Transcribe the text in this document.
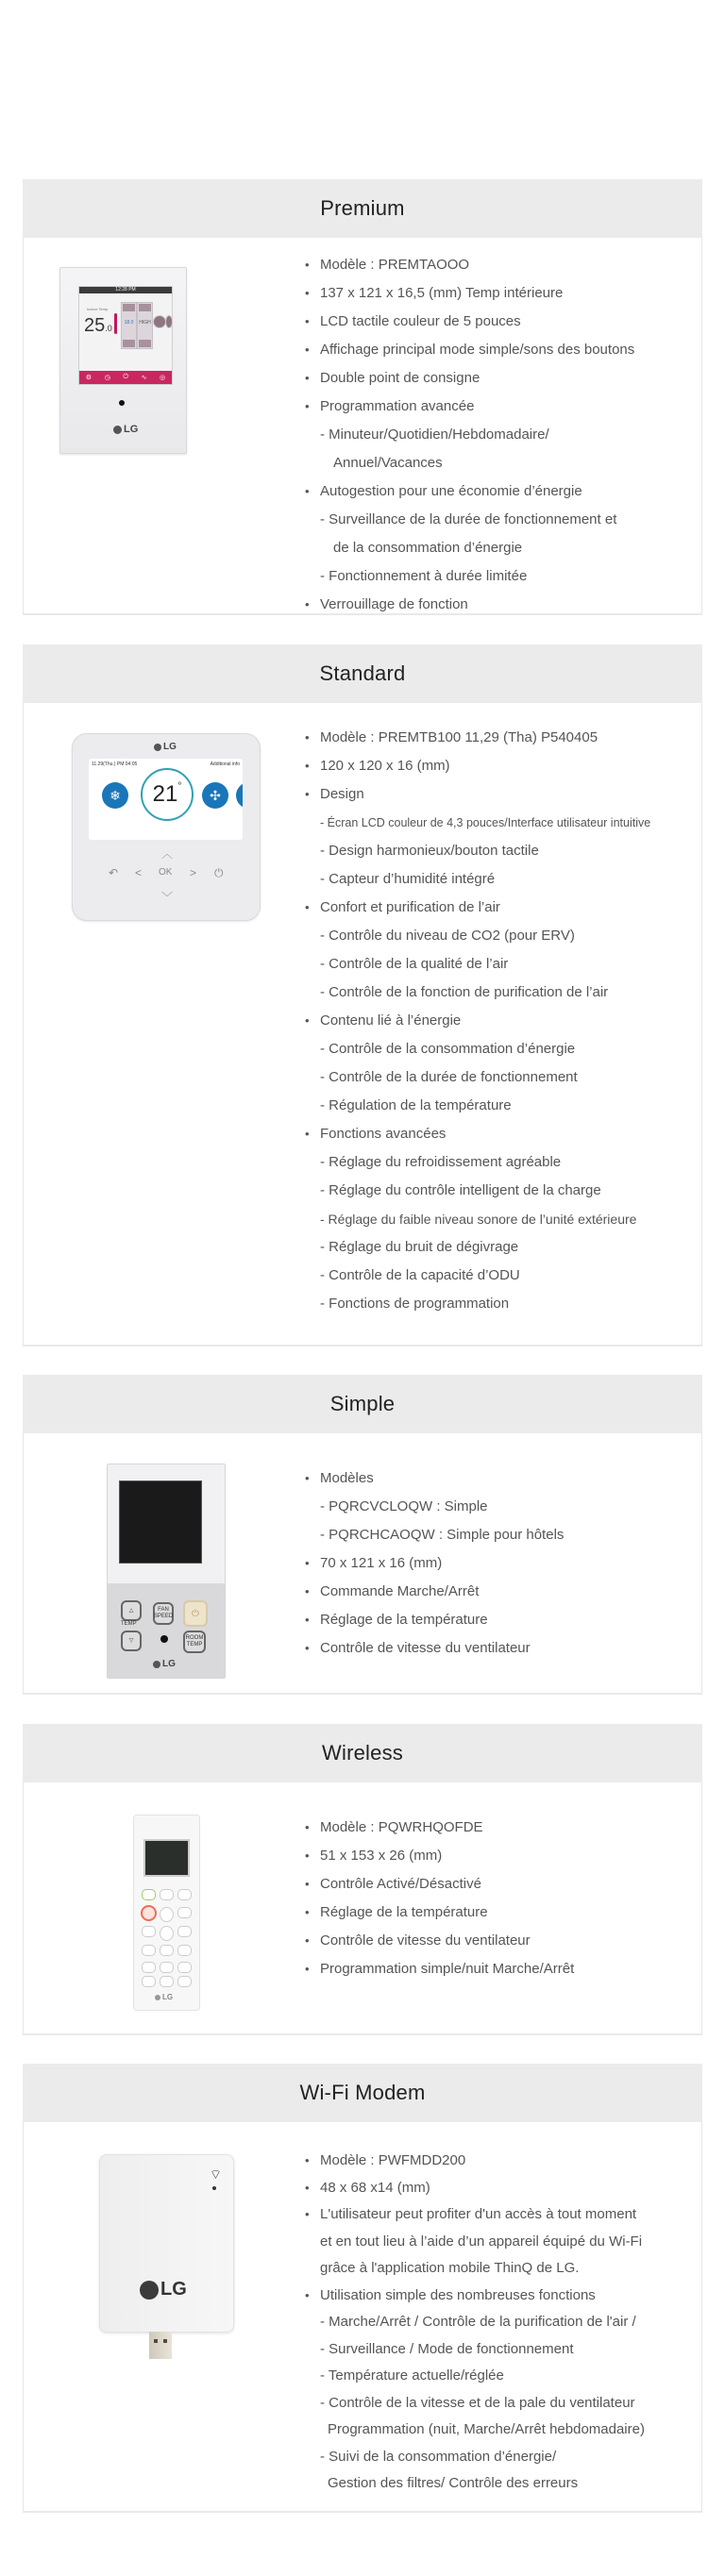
Premium
12:28 PM
Indoor Temp
25.0
18.0	HIGH
⚙ ◷ ⏻ ∿ ◎
LG
• Modèle : PREMTAOOO
• 137 x 121 x 16,5 (mm) Temp intérieure
• LCD tactile couleur de 5 pouces
• Affichage principal mode simple/sons des boutons
• Double point de consigne
• Programmation avancée
- Minuteur/Quotidien/Hebdomadaire/
Annuel/Vacances
• Autogestion pour une économie d’énergie
- Surveillance de la durée de fonctionnement et
de la consommation d’énergie
- Fonctionnement à durée limitée
• Verrouillage de fonction
Standard
LG
11.29(Thu.) PM 04:05	Additional info
❄	21 °
✣
︿
↶ < OK > ⏻
﹀
• Modèle : PREMTB100 11,29 (Tha) P540405
• 120 x 120 x 16 (mm)
• Design
- Écran LCD couleur de 4,3 pouces/Interface utilisateur intuitive
- Design harmonieux/bouton tactile
- Capteur d’humidité intégré
• Confort et purification de l’air
- Contrôle du niveau de CO2 (pour ERV)
- Contrôle de la qualité de l’air
- Contrôle de la fonction de purification de l’air
• Contenu lié à l’énergie
- Contrôle de la consommation d’énergie
- Contrôle de la durée de fonctionnement
- Régulation de la température
• Fonctions avancées
- Réglage du refroidissement agréable
- Réglage du contrôle intelligent de la charge
- Réglage du faible niveau sonore de l’unité extérieure
- Réglage du bruit de dégivrage
- Contrôle de la capacité d’ODU
- Fonctions de programmation
Simple
△
TEMP
▽
FAN SPEED	⏻
ROOM TEMP
LG
• Modèles
- PQRCVCLOQW : Simple
- PQRCHCAOQW : Simple pour hôtels
• 70 x 121 x 16 (mm)
• Commande Marche/Arrêt
• Réglage de la température
• Contrôle de vitesse du ventilateur
Wireless
LG
• Modèle : PQWRHQOFDE
• 51 x 153 x 26 (mm)
• Contrôle Activé/Désactivé
• Réglage de la température
• Contrôle de vitesse du ventilateur
• Programmation simple/nuit Marche/Arrêt
Wi-Fi Modem
⌔
LG
• Modèle : PWFMDD200
• 48 x 68 x14 (mm)
• L'utilisateur peut profiter d'un accès à tout moment
et en tout lieu à l’aide d’un appareil équipé du Wi-Fi
grâce à l'application mobile ThinQ de LG.
• Utilisation simple des nombreuses fonctions
- Marche/Arrêt / Contrôle de la purification de l'air /
- Surveillance / Mode de fonctionnement
- Température actuelle/réglée
- Contrôle de la vitesse et de la pale du ventilateur
Programmation (nuit, Marche/Arrêt hebdomadaire)
- Suivi de la consommation d’énergie/
Gestion des filtres/ Contrôle des erreurs
